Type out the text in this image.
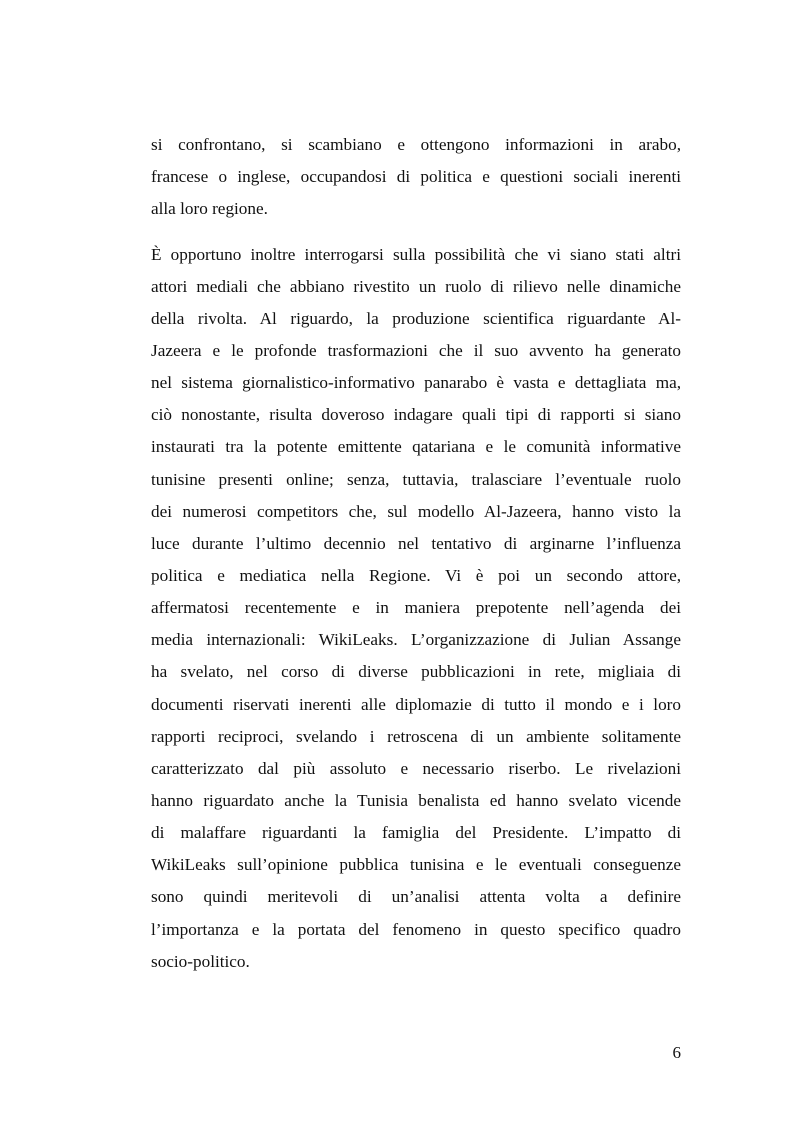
si confrontano, si scambiano e ottengono informazioni in arabo,
francese o inglese, occupandosi di politica e questioni sociali inerenti
alla loro regione.
È opportuno inoltre interrogarsi sulla possibilità che vi siano stati altri
attori mediali che abbiano rivestito un ruolo di rilievo nelle dinamiche
della rivolta. Al riguardo, la produzione scientifica riguardante Al-
Jazeera e le profonde trasformazioni che il suo avvento ha generato
nel sistema giornalistico-informativo panarabo è vasta e dettagliata ma,
ciò nonostante, risulta doveroso indagare quali tipi di rapporti si siano
instaurati tra la potente emittente qatariana e le comunità informative
tunisine presenti online; senza, tuttavia, tralasciare l’eventuale ruolo
dei numerosi competitors che, sul modello Al-Jazeera, hanno visto la
luce durante l’ultimo decennio nel tentativo di arginarne l’influenza
politica e mediatica nella Regione. Vi è poi un secondo attore,
affermatosi recentemente e in maniera prepotente nell’agenda dei
media internazionali: WikiLeaks. L’organizzazione di Julian Assange
ha svelato, nel corso di diverse pubblicazioni in rete, migliaia di
documenti riservati inerenti alle diplomazie di tutto il mondo e i loro
rapporti reciproci, svelando i retroscena di un ambiente solitamente
caratterizzato dal più assoluto e necessario riserbo. Le rivelazioni
hanno riguardato anche la Tunisia benalista ed hanno svelato vicende
di malaffare riguardanti la famiglia del Presidente. L’impatto di
WikiLeaks sull’opinione pubblica tunisina e le eventuali conseguenze
sono quindi meritevoli di un’analisi attenta volta a definire
l’importanza e la portata del fenomeno in questo specifico quadro
socio-politico.
6
